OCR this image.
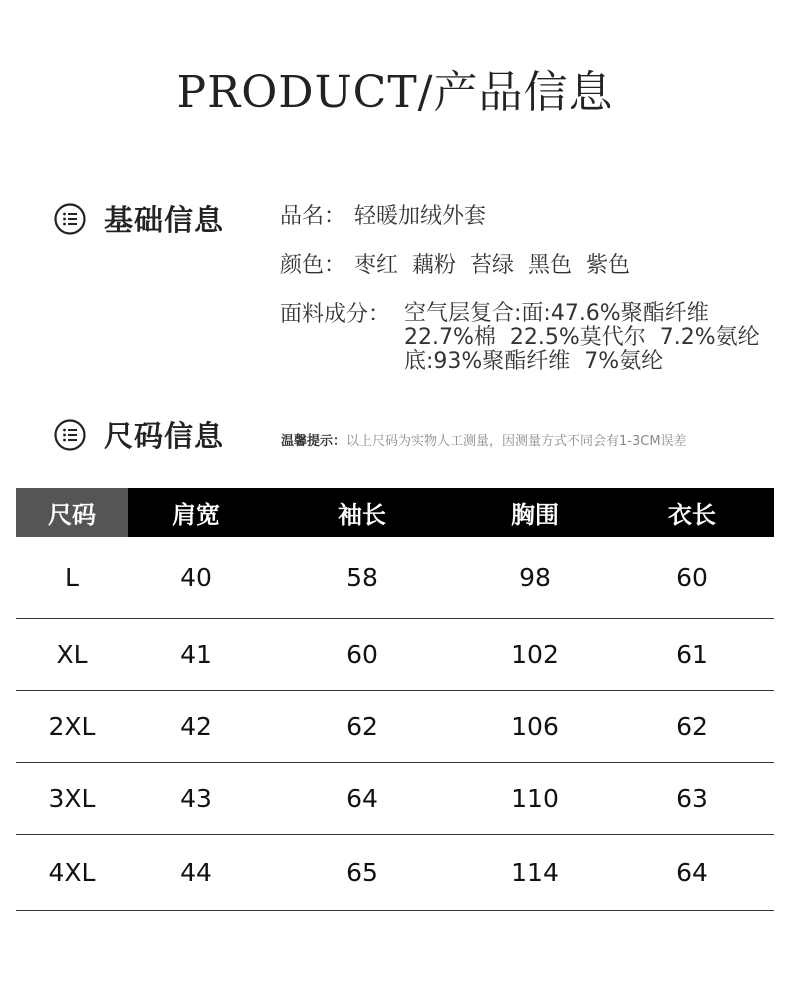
PRODUCT/产品信息
基础信息	品名： 轻暖加绒外套
颜色： 枣红  藕粉  苔绿  黑色  紫色
面料成分： 空气层复合:面:47.6%聚酯纤维
22.7%棉  22.5%莫代尔  7.2%氨纶
底:93%聚酯纤维  7%氨纶
尺码信息	温馨提示：以上尺码为实物人工测量，因测量方式不同会有1-3CM误差
尺码	肩宽	袖长	胸围	衣长
L	40	58	98	60
XL	41	60	102	61
2XL	42	62	106	62
3XL	43	64	110	63
4XL	44	65	114	64
